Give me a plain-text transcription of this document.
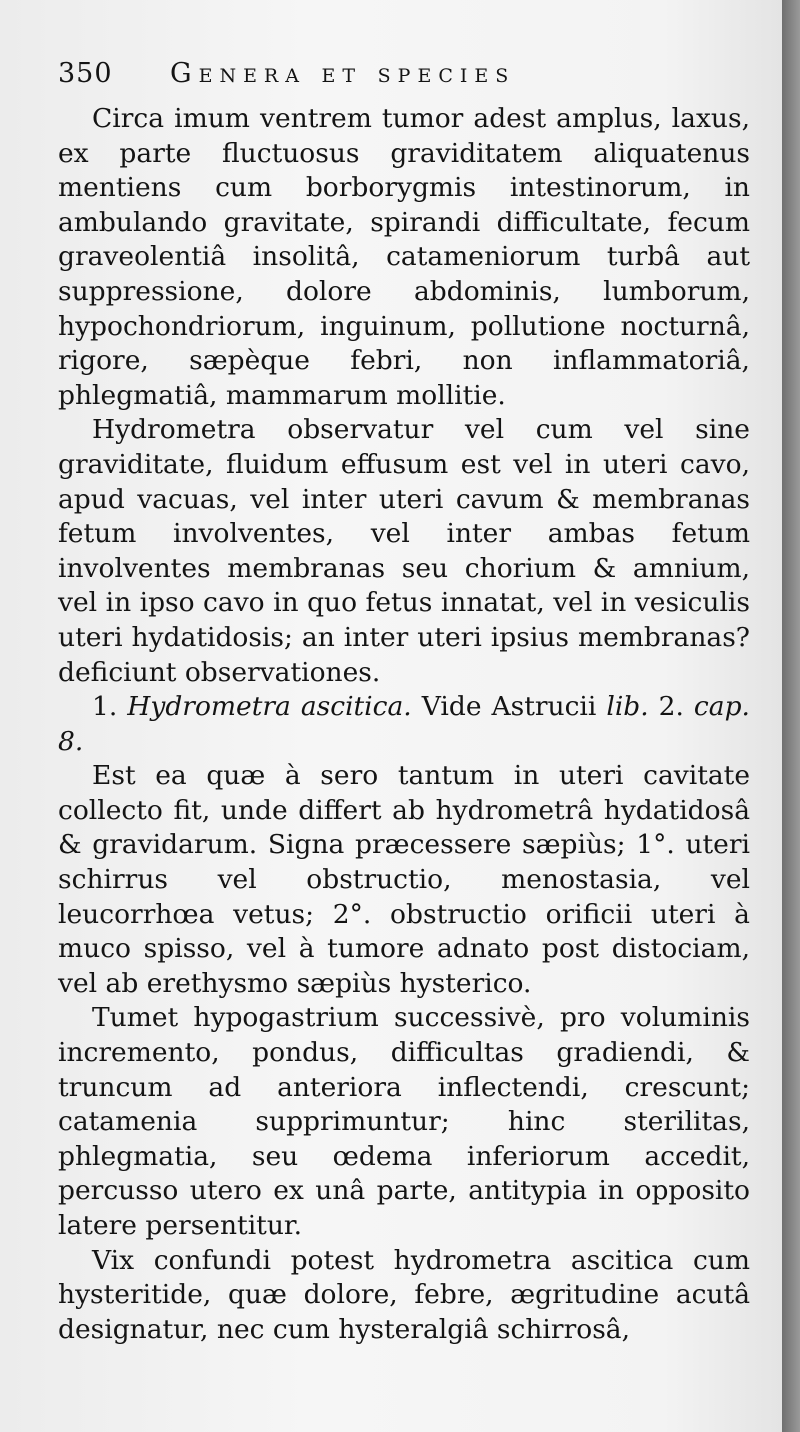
350	Genera et species

Circa imum ventrem tumor adest amplus, laxus, ex parte fluctuosus graviditatem aliquatenus mentiens cum borborygmis intestinorum, in ambulando gravitate, spirandi difficultate, fecum graveolentiâ insolitâ, catameniorum turbâ aut suppressione, dolore abdominis, lumborum, hypochondriorum, inguinum, pollutione nocturnâ, rigore, sæpèque febri, non inflammatoriâ, phlegmatiâ, mammarum mollitie.

Hydrometra observatur vel cum vel sine graviditate, fluidum effusum est vel in uteri cavo, apud vacuas, vel inter uteri cavum & membranas fetum involventes, vel inter ambas fetum involventes membranas seu chorium & amnium, vel in ipso cavo in quo fetus innatat, vel in vesiculis uteri hydatidosis; an inter uteri ipsius membranas? deficiunt observationes.

1. Hydrometra ascitica. Vide Astrucii lib. 2. cap. 8.

Est ea quæ à sero tantum in uteri cavitate collecto fit, unde differt ab hydrometrâ hydatidosâ & gravidarum. Signa præcessere sæpiùs; 1°. uteri schirrus vel obstructio, menostasia, vel leucorrhœa vetus; 2°. obstructio orificii uteri à muco spisso, vel à tumore adnato post distociam, vel ab erethysmo sæpiùs hysterico.

Tumet hypogastrium successivè, pro voluminis incremento, pondus, difficultas gradiendi, & truncum ad anteriora inflectendi, crescunt; catamenia supprimuntur; hinc sterilitas, phlegmatia, seu œdema inferiorum accedit, percusso utero ex unâ parte, antitypia in opposito latere persentitur.

Vix confundi potest hydrometra ascitica cum hysteritide, quæ dolore, febre, ægritudine acutâ designatur, nec cum hysteralgiâ schirrosâ,
